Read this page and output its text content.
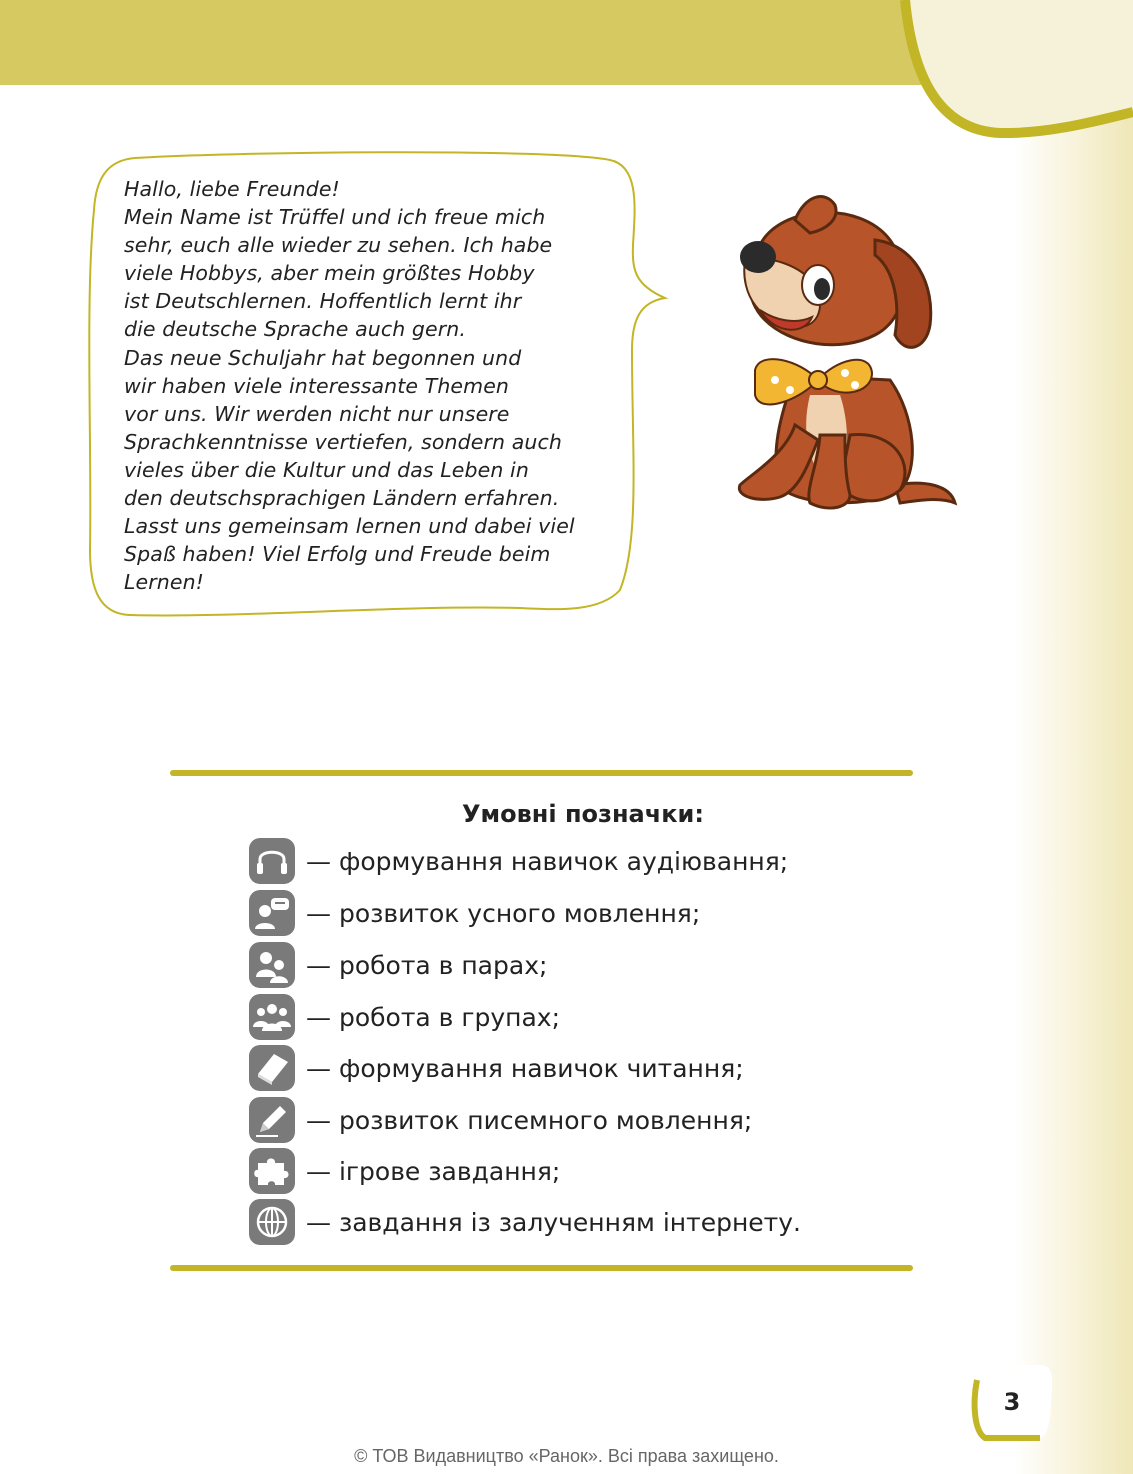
Hallo, liebe Freunde!
Mein Name ist Trüffel und ich freue mich
sehr, euch alle wieder zu sehen. Ich habe
viele Hobbys, aber mein größtes Hobby
ist Deutschlernen. Hoffentlich lernt ihr
die deutsche Sprache auch gern.
Das neue Schuljahr hat begonnen und
wir haben viele interessante Themen
vor uns. Wir werden nicht nur unsere
Sprachkenntnisse vertiefen, sondern auch
vieles über die Kultur und das Leben in
den deutschsprachigen Ländern erfahren.
Lasst uns gemeinsam lernen und dabei viel
Spaß haben! Viel Erfolg und Freude beim
Lernen!

Умовні позначки:

— формування навичок аудіювання;
— розвиток усного мовлення;
— робота в парах;
— робота в групах;
— формування навичок читання;
— розвиток писемного мовлення;
— ігрове завдання;
— завдання із залученням інтернету.
3
© ТОВ Видавництво «Ранок». Всі права захищено.
